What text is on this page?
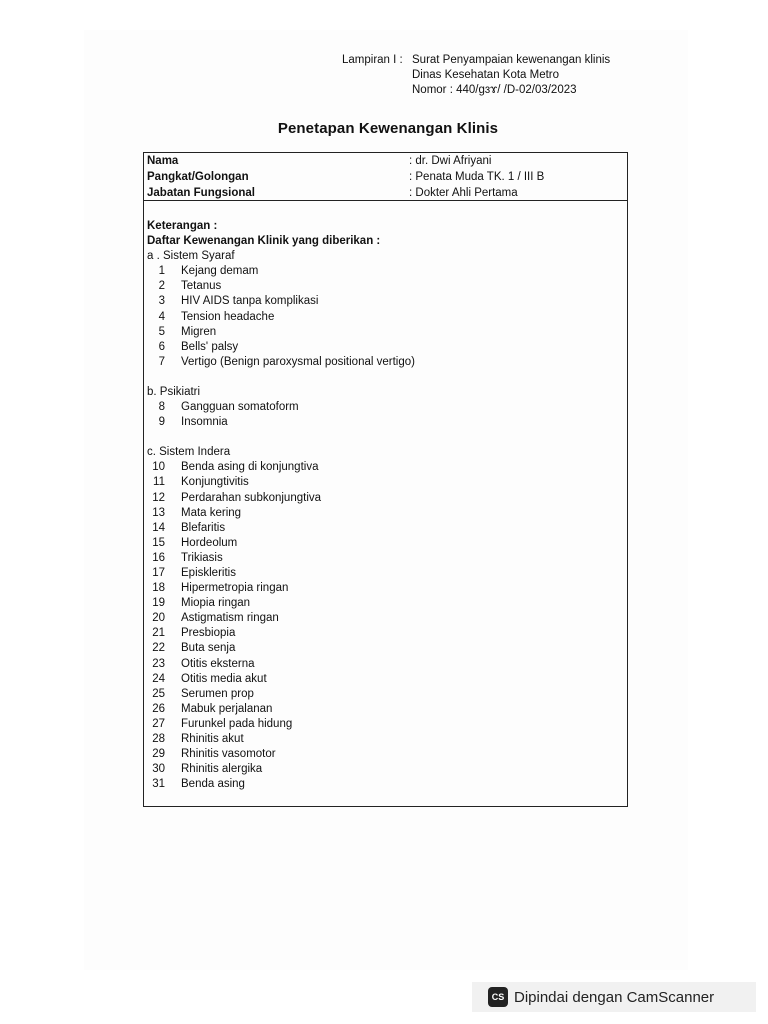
Lampiran I : Surat Penyampaian kewenangan klinis
Dinas Kesehatan Kota Metro
Nomor : 440/ɡɜɤ/ /D-02/03/2023
Penetapan Kewenangan Klinis
Nama	: dr. Dwi Afriyani
Pangkat/Golongan	: Penata Muda TK. 1 / III B
Jabatan Fungsional	: Dokter Ahli Pertama
Keterangan :
Daftar Kewenangan Klinik yang diberikan :
a . Sistem Syaraf
1	Kejang demam
2	Tetanus
3	HIV AIDS tanpa komplikasi
4	Tension headache
5	Migren
6	Bells' palsy
7	Vertigo (Benign paroxysmal positional vertigo)
b. Psikiatri
8	Gangguan somatoform
9	Insomnia
c. Sistem Indera
10	Benda asing di konjungtiva
11	Konjungtivitis
12	Perdarahan subkonjungtiva
13	Mata kering
14	Blefaritis
15	Hordeolum
16	Trikiasis
17	Episkleritis
18	Hipermetropia ringan
19	Miopia ringan
20	Astigmatism ringan
21	Presbiopia
22	Buta senja
23	Otitis eksterna
24	Otitis media akut
25	Serumen prop
26	Mabuk perjalanan
27	Furunkel pada hidung
28	Rhinitis akut
29	Rhinitis vasomotor
30	Rhinitis alergika
31	Benda asing
CS Dipindai dengan CamScanner
